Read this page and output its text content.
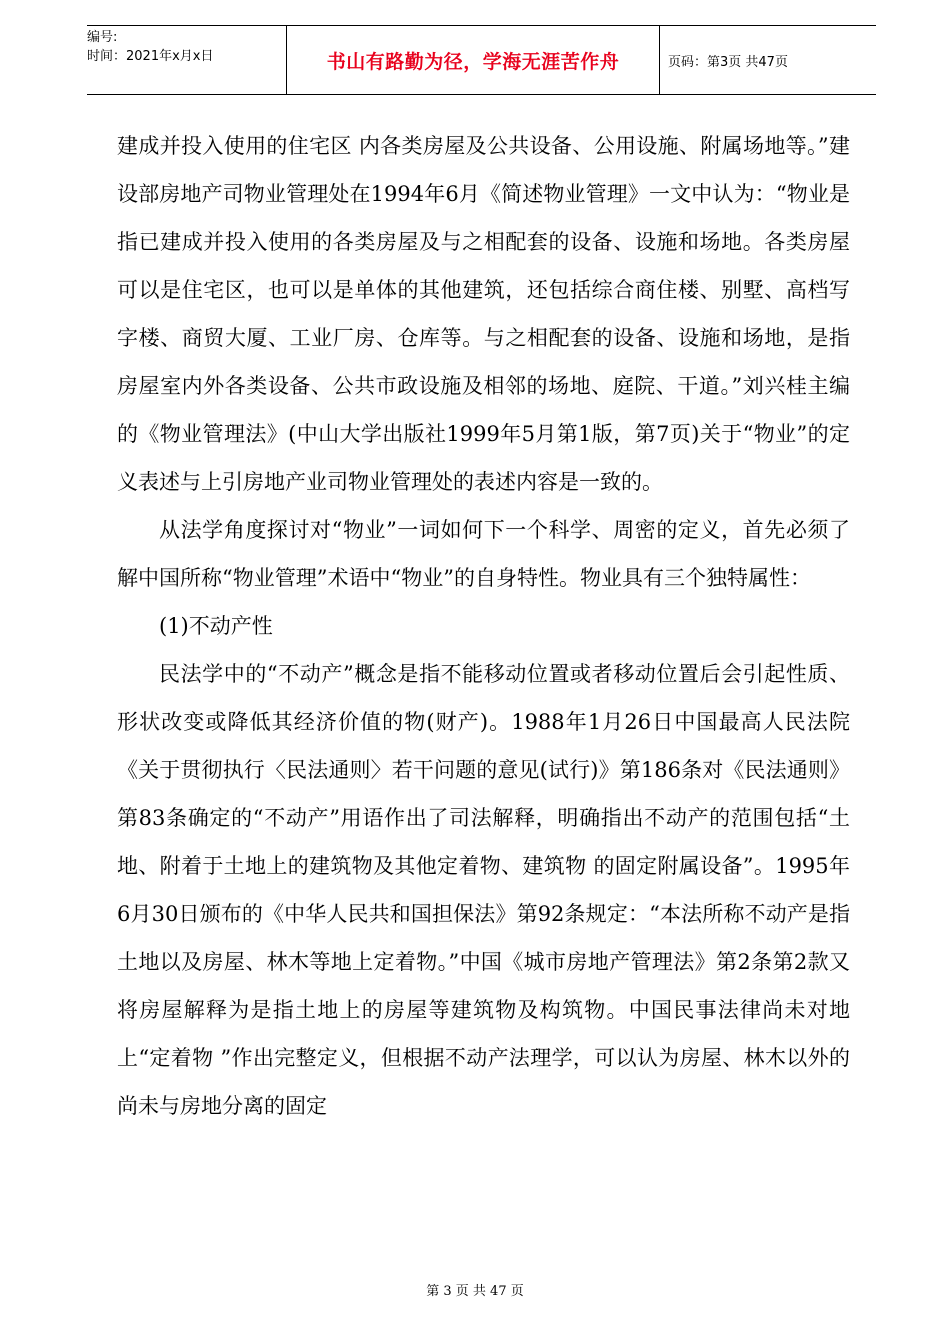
编号:
时间：2021年x月x日	书山有路勤为径，学海无涯苦作舟	页码：第3页 共47页

建成并投入使用的住宅区 内各类房屋及公共设备、公用设施、附属场地等。”建设部房地产司物业管理处在1994年6月《简述物业管理》一文中认为：“物业是指已建成并投入使用的各类房屋及与之相配套的设备、设施和场地。各类房屋可以是住宅区，也可以是单体的其他建筑，还包括综合商住楼、别墅、高档写字楼、商贸大厦、工业厂房、仓库等。与之相配套的设备、设施和场地，是指房屋室内外各类设备、公共市政设施及相邻的场地、庭院、干道。”刘兴桂主编的《物业管理法》(中山大学出版社1999年5月第1版，第7页)关于“物业”的定义表述与上引房地产业司物业管理处的表述内容是一致的。

从法学角度探讨对“物业”一词如何下一个科学、周密的定义，首先必须了解中国所称“物业管理”术语中“物业”的自身特性。物业具有三个独特属性：

(1)不动产性

民法学中的“不动产”概念是指不能移动位置或者移动位置后会引起性质、形状改变或降低其经济价值的物(财产)。1988年1月26日中国最高人民法院《关于贯彻执行〈民法通则〉若干问题的意见(试行)》第186条对《民法通则》第83条确定的“不动产”用语作出了司法解释，明确指出不动产的范围包括“土地、附着于土地上的建筑物及其他定着物、建筑物 的固定附属设备”。1995年6月30日颁布的《中华人民共和国担保法》第92条规定：“本法所称不动产是指土地以及房屋、林木等地上定着物。”中国《城市房地产管理法》第2条第2款又将房屋解释为是指土地上的房屋等建筑物及构筑物。中国民事法律尚未对地上“定着物 ”作出完整定义，但根据不动产法理学，可以认为房屋、林木以外的尚未与房地分离的固定

第 3 页 共 47 页
